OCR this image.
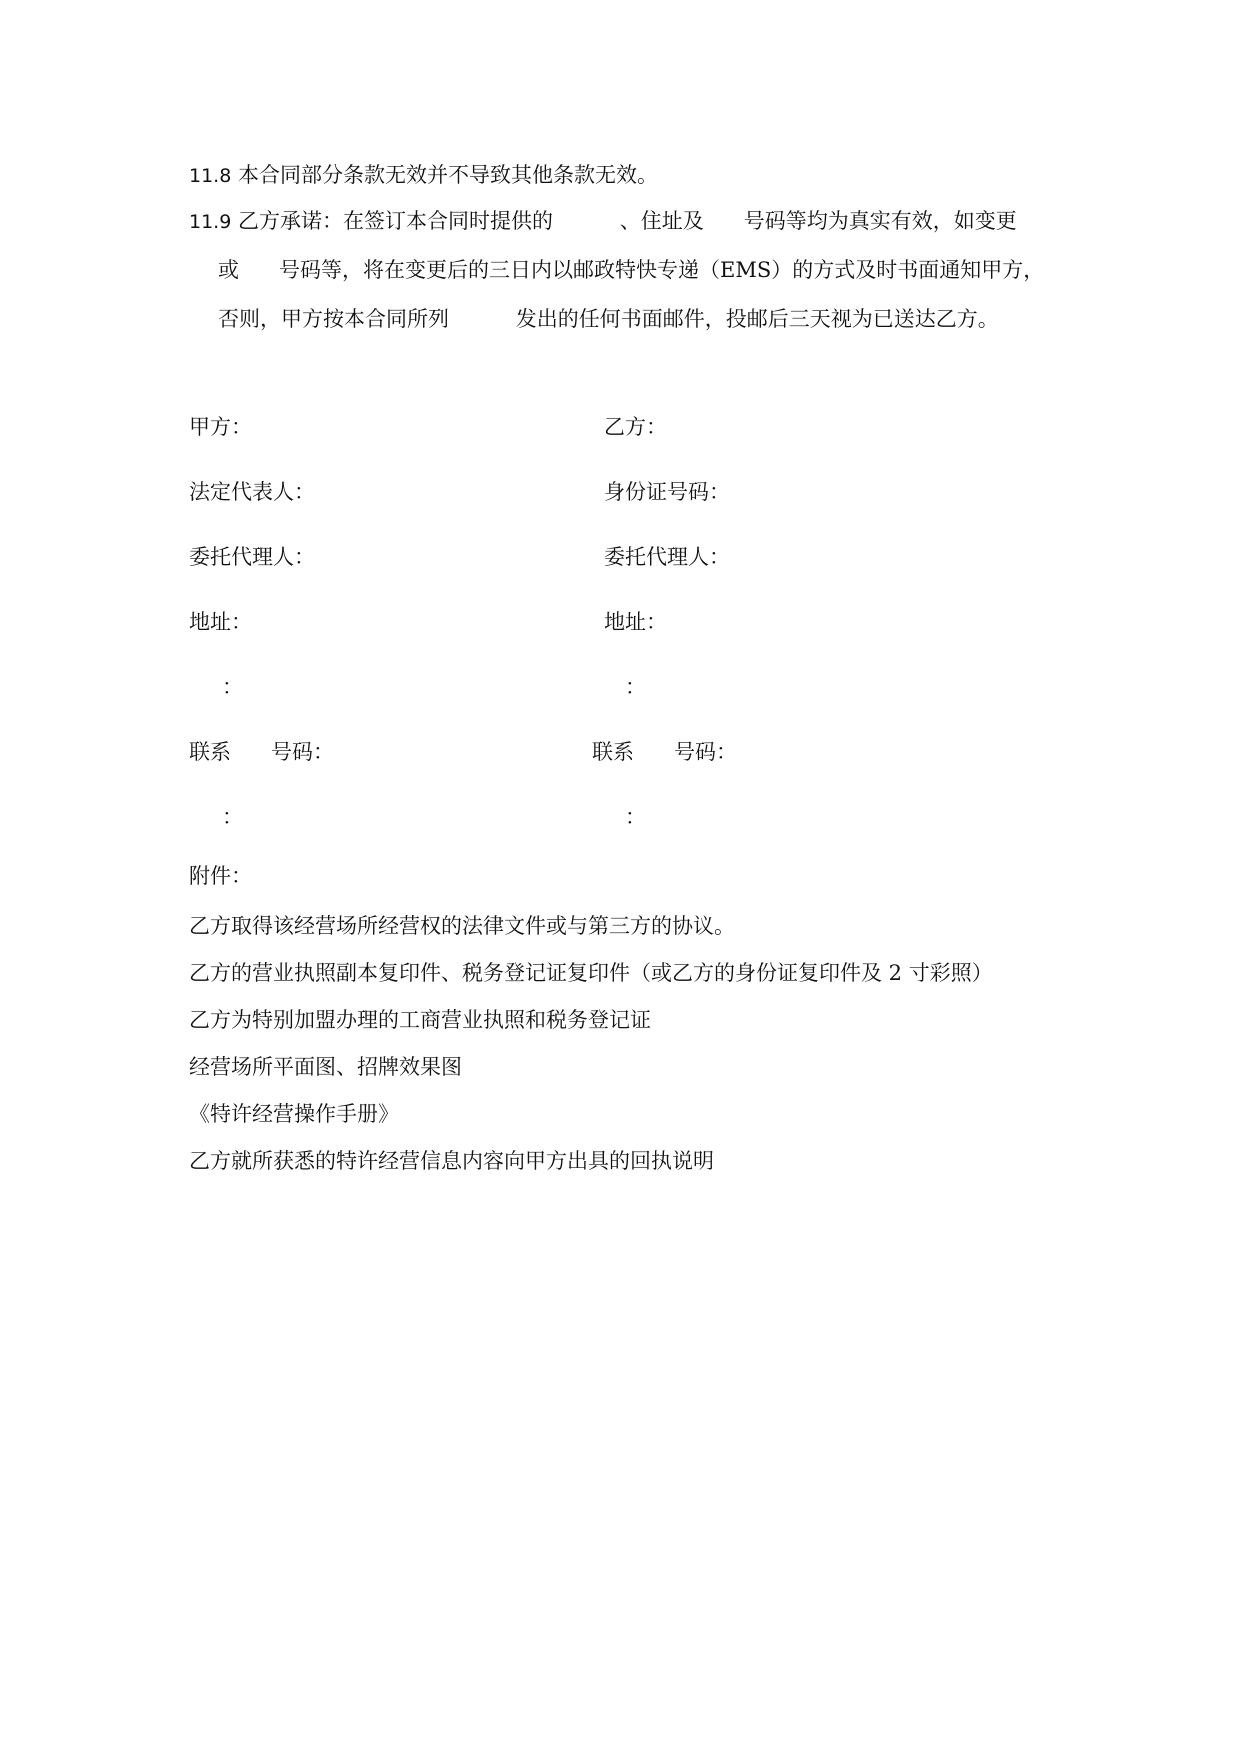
11.8 本合同部分条款无效并不导致其他条款无效。
11.9 乙方承诺：在签订本合同时提供的          、住址及      号码等均为真实有效，如变更
或      号码等，将在变更后的三日内以邮政特快专递（EMS）的方式及时书面通知甲方，
否则，甲方按本合同所列          发出的任何书面邮件，投邮后三天视为已送达乙方。
甲方：	乙方：
法定代表人：	身份证号码：
委托代理人：	委托代理人：
地址：	地址：
：	：
联系      号码：	联系      号码：
：	：
附件：
乙方取得该经营场所经营权的法律文件或与第三方的协议。
乙方的营业执照副本复印件、税务登记证复印件（或乙方的身份证复印件及 2 寸彩照）
乙方为特别加盟办理的工商营业执照和税务登记证
经营场所平面图、招牌效果图
《特许经营操作手册》
乙方就所获悉的特许经营信息内容向甲方出具的回执说明
